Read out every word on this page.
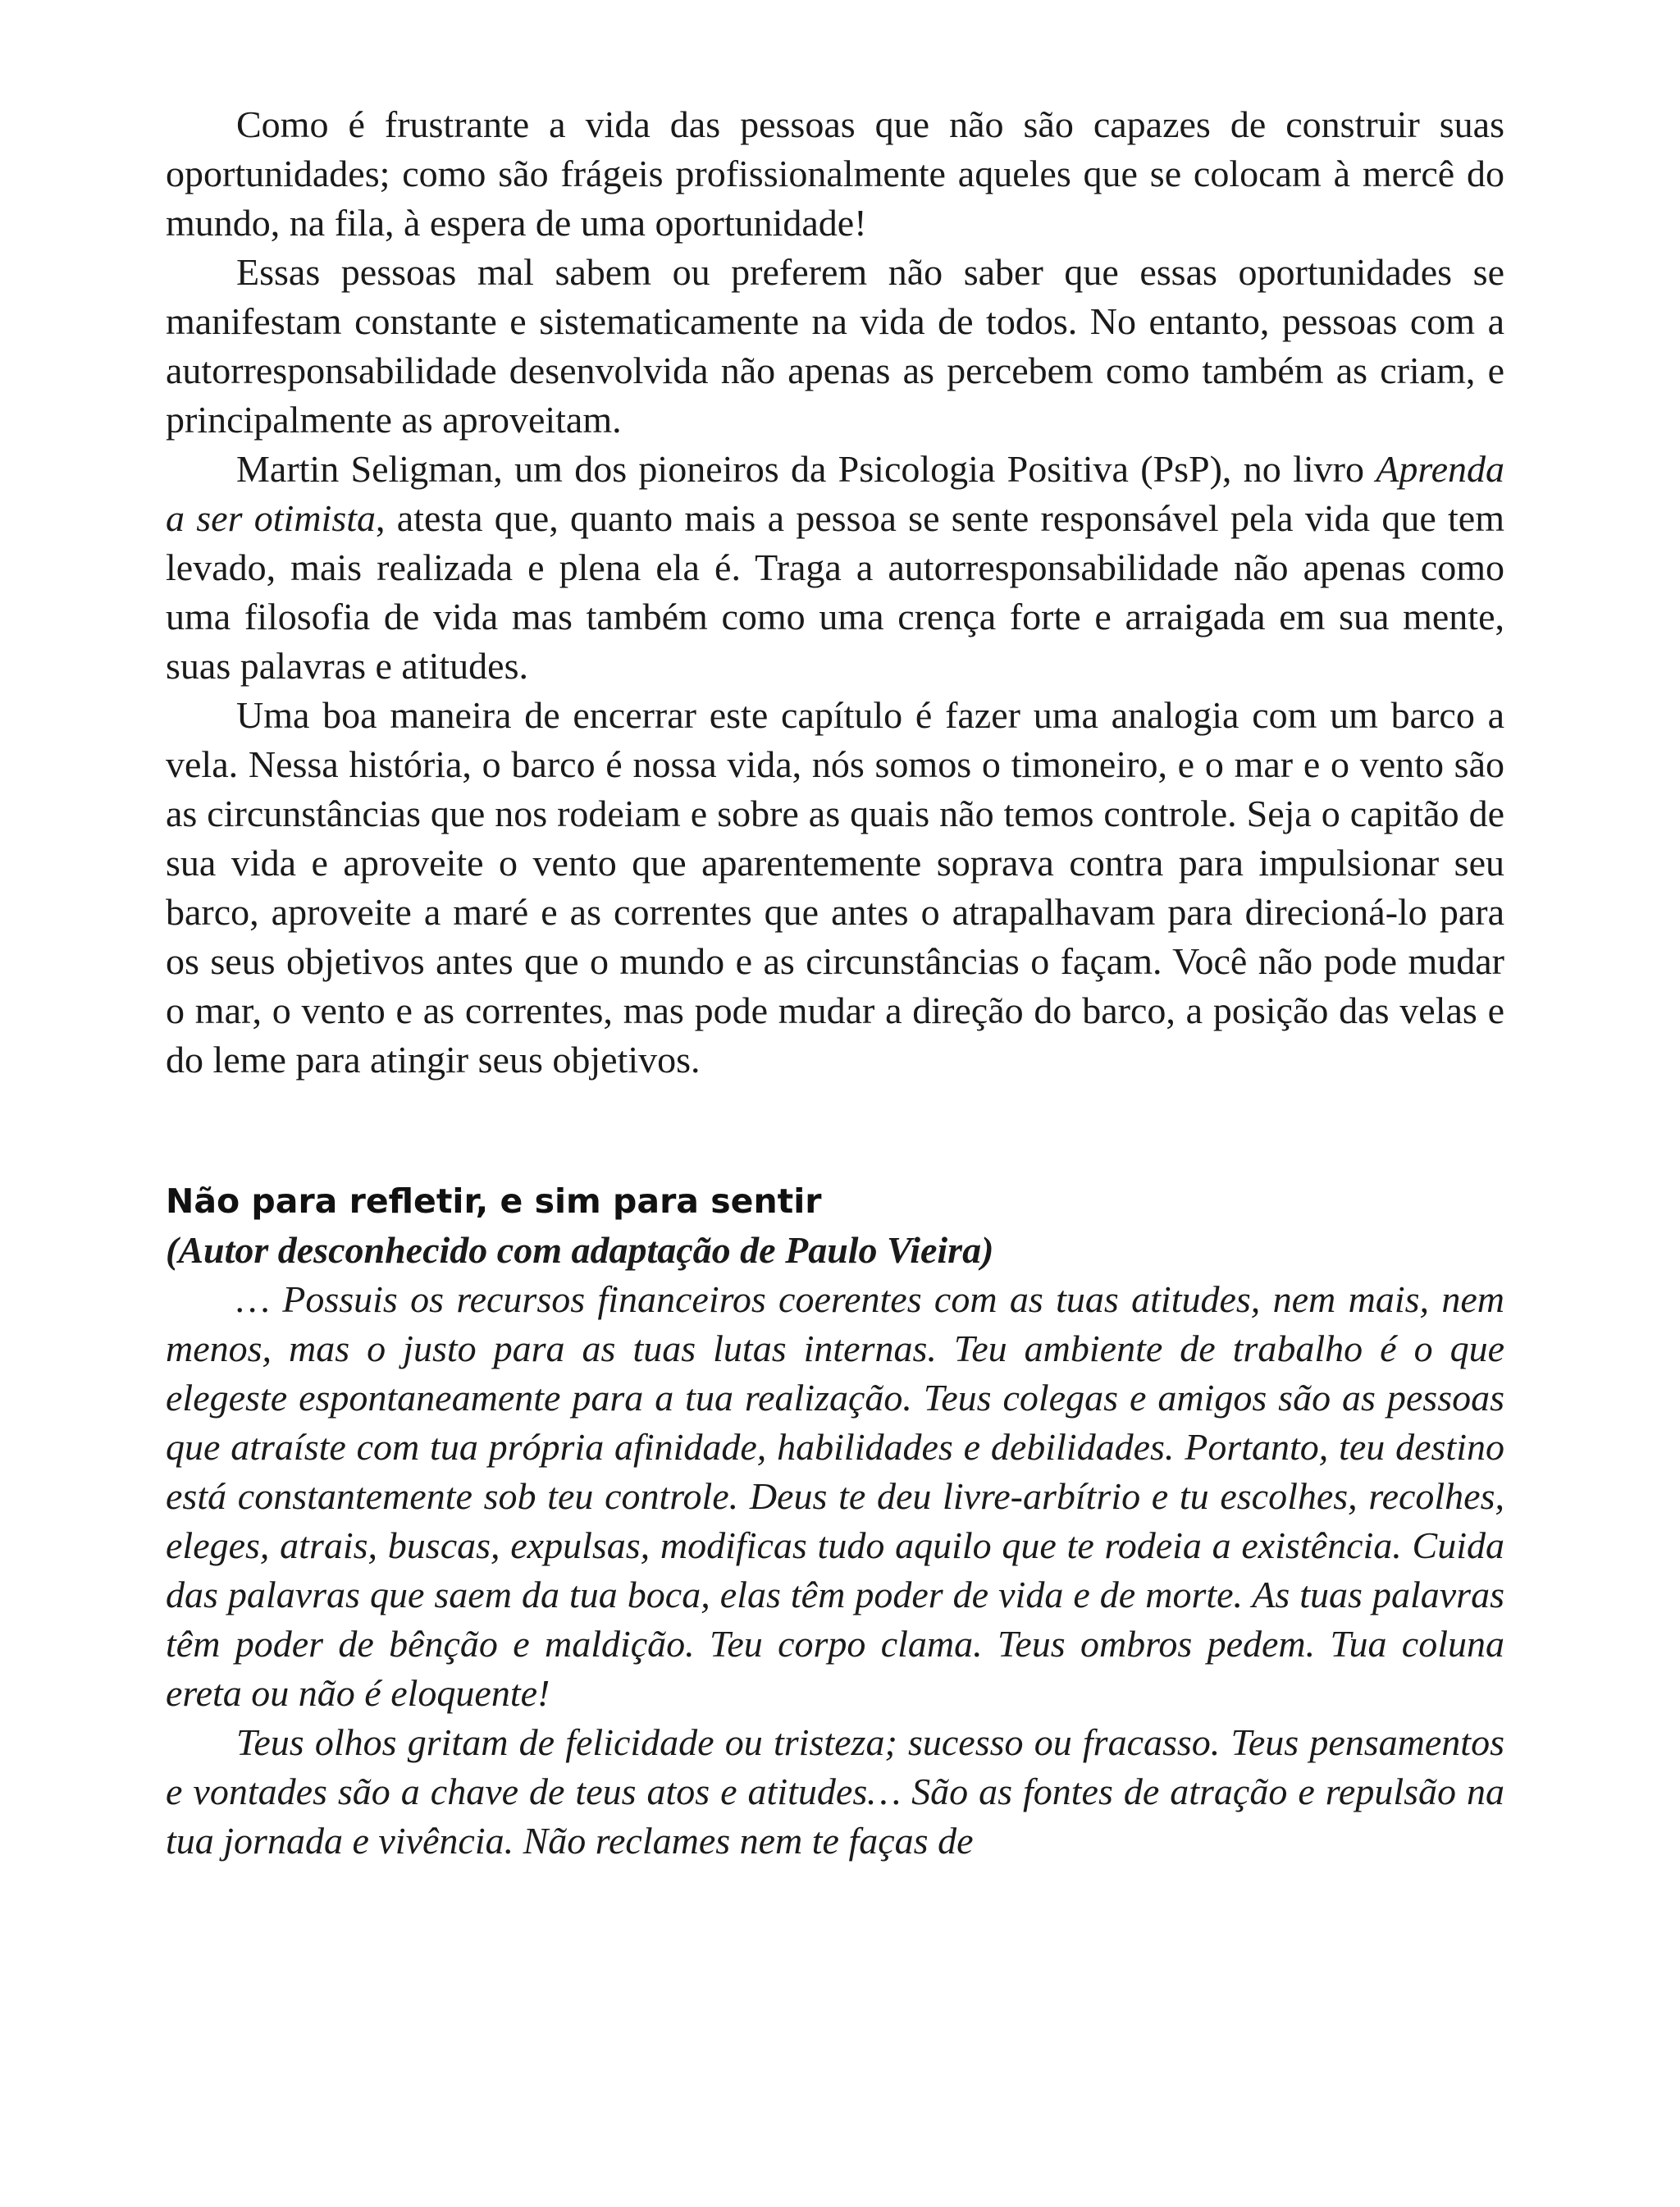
Como é frustrante a vida das pessoas que não são capazes de construir suas oportunidades; como são frágeis profissionalmente aqueles que se colocam à mercê do mundo, na fila, à espera de uma oportunidade!

Essas pessoas mal sabem ou preferem não saber que essas oportunidades se manifestam constante e sistematicamente na vida de todos. No entanto, pessoas com a autorresponsabilidade desenvolvida não apenas as percebem como também as criam, e principalmente as aproveitam.

Martin Seligman, um dos pioneiros da Psicologia Positiva (PsP), no livro Aprenda a ser otimista, atesta que, quanto mais a pessoa se sente responsável pela vida que tem levado, mais realizada e plena ela é. Traga a autorresponsabilidade não apenas como uma filosofia de vida mas também como uma crença forte e arraigada em sua mente, suas palavras e atitudes.

Uma boa maneira de encerrar este capítulo é fazer uma analogia com um barco a vela. Nessa história, o barco é nossa vida, nós somos o timoneiro, e o mar e o vento são as circunstâncias que nos rodeiam e sobre as quais não temos controle. Seja o capitão de sua vida e aproveite o vento que aparentemente soprava contra para impulsionar seu barco, aproveite a maré e as correntes que antes o atrapalhavam para direcioná-lo para os seus objetivos antes que o mundo e as circunstâncias o façam. Você não pode mudar o mar, o vento e as correntes, mas pode mudar a direção do barco, a posição das velas e do leme para atingir seus objetivos.

Não para refletir, e sim para sentir
(Autor desconhecido com adaptação de Paulo Vieira)

… Possuis os recursos financeiros coerentes com as tuas atitudes, nem mais, nem menos, mas o justo para as tuas lutas internas. Teu ambiente de trabalho é o que elegeste espontaneamente para a tua realização. Teus colegas e amigos são as pessoas que atraíste com tua própria afinidade, habilidades e debilidades. Portanto, teu destino está constantemente sob teu controle. Deus te deu livre-arbítrio e tu escolhes, recolhes, eleges, atrais, buscas, expulsas, modificas tudo aquilo que te rodeia a existência. Cuida das palavras que saem da tua boca, elas têm poder de vida e de morte. As tuas palavras têm poder de bênção e maldição. Teu corpo clama. Teus ombros pedem. Tua coluna ereta ou não é eloquente!

Teus olhos gritam de felicidade ou tristeza; sucesso ou fracasso. Teus pensamentos e vontades são a chave de teus atos e atitudes… São as fontes de atração e repulsão na tua jornada e vivência. Não reclames nem te faças de
